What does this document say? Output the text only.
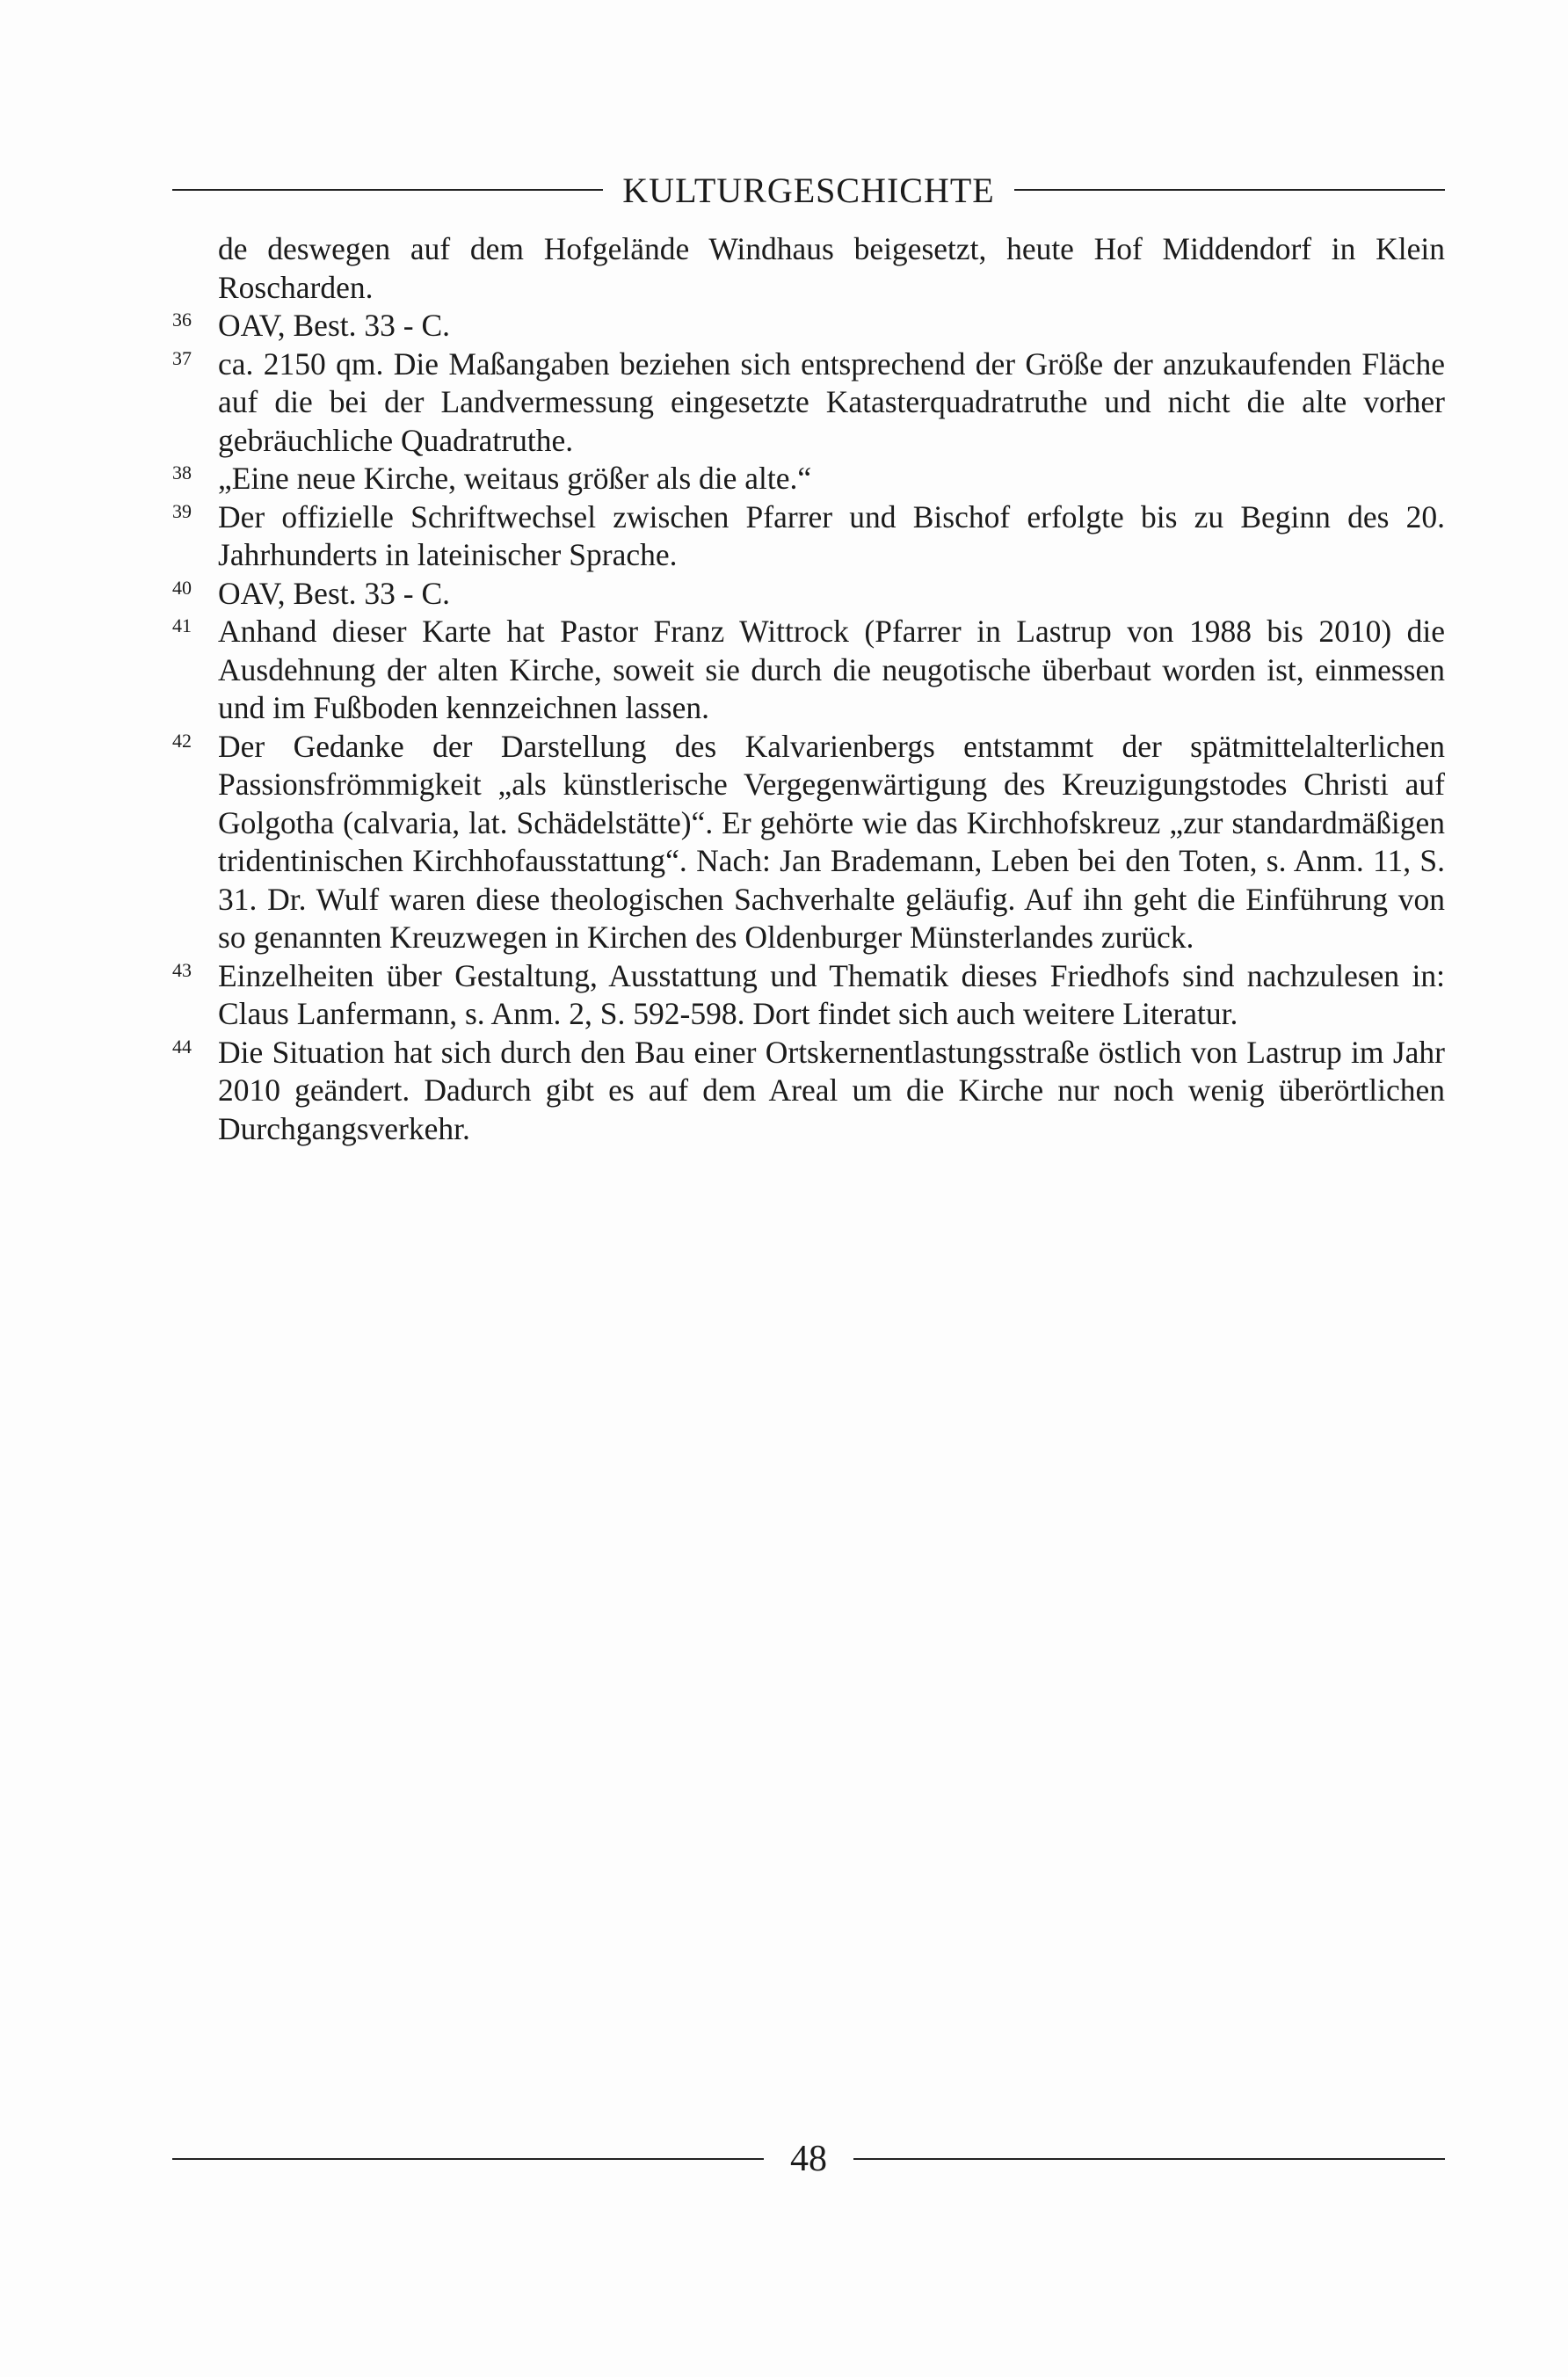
KULTURGESCHICHTE
de deswegen auf dem Hofgelände Windhaus beigesetzt, heute Hof Middendorf in Klein Roscharden.
36 OAV, Best. 33 - C.
37 ca. 2150 qm. Die Maßangaben beziehen sich entsprechend der Größe der anzukaufenden Fläche auf die bei der Landvermessung eingesetzte Katasterquadratruthe und nicht die alte vorher gebräuchliche Quadratruthe.
38 „Eine neue Kirche, weitaus größer als die alte.“
39 Der offizielle Schriftwechsel zwischen Pfarrer und Bischof erfolgte bis zu Beginn des 20. Jahrhunderts in lateinischer Sprache.
40 OAV, Best. 33 - C.
41 Anhand dieser Karte hat Pastor Franz Wittrock (Pfarrer in Lastrup von 1988 bis 2010) die Ausdehnung der alten Kirche, soweit sie durch die neugotische überbaut worden ist, einmessen und im Fußboden kennzeichnen lassen.
42 Der Gedanke der Darstellung des Kalvarienbergs entstammt der spätmittelalterlichen Passionsfrömmigkeit „als künstlerische Vergegenwärtigung des Kreuzigungstodes Christi auf Golgotha (calvaria, lat. Schädelstätte)“. Er gehörte wie das Kirchhofskreuz „zur standardmäßigen tridentinischen Kirchhofausstattung“. Nach: Jan Brademann, Leben bei den Toten, s. Anm. 11, S. 31. Dr. Wulf waren diese theologischen Sachverhalte geläufig. Auf ihn geht die Einführung von so genannten Kreuzwegen in Kirchen des Oldenburger Münsterlandes zurück.
43 Einzelheiten über Gestaltung, Ausstattung und Thematik dieses Friedhofs sind nachzulesen in: Claus Lanfermann, s. Anm. 2, S. 592-598. Dort findet sich auch weitere Literatur.
44 Die Situation hat sich durch den Bau einer Ortskernentlastungsstraße östlich von Lastrup im Jahr 2010 geändert. Dadurch gibt es auf dem Areal um die Kirche nur noch wenig überörtlichen Durchgangsverkehr.
48
